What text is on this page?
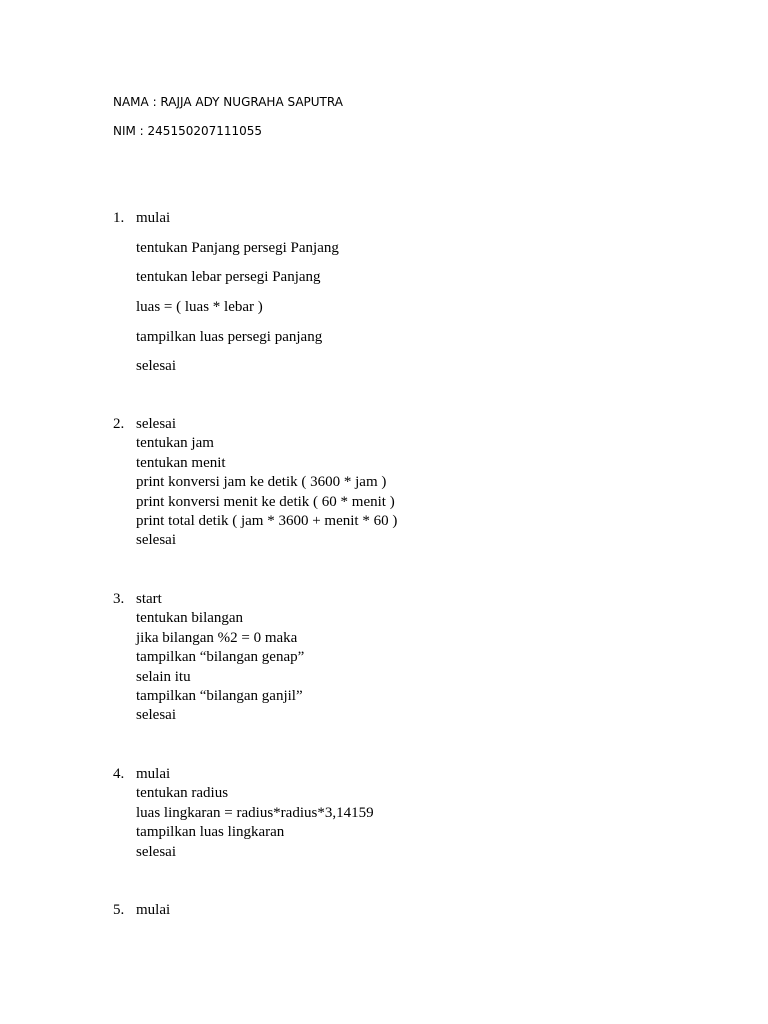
NAMA : RAJJA ADY NUGRAHA SAPUTRA

NIM : 245150207111055

1. mulai
tentukan Panjang persegi Panjang
tentukan lebar persegi Panjang
luas = ( luas * lebar )
tampilkan luas persegi panjang
selesai
2. selesai
tentukan jam
tentukan menit
print konversi jam ke detik ( 3600 * jam )
print konversi menit ke detik ( 60 * menit )
print total detik ( jam * 3600 + menit * 60 )
selesai
3. start
tentukan bilangan
jika bilangan %2 = 0 maka
tampilkan “bilangan genap”
selain itu
tampilkan “bilangan ganjil”
selesai
4. mulai
tentukan radius
luas lingkaran = radius*radius*3,14159
tampilkan luas lingkaran
selesai
5. mulai
